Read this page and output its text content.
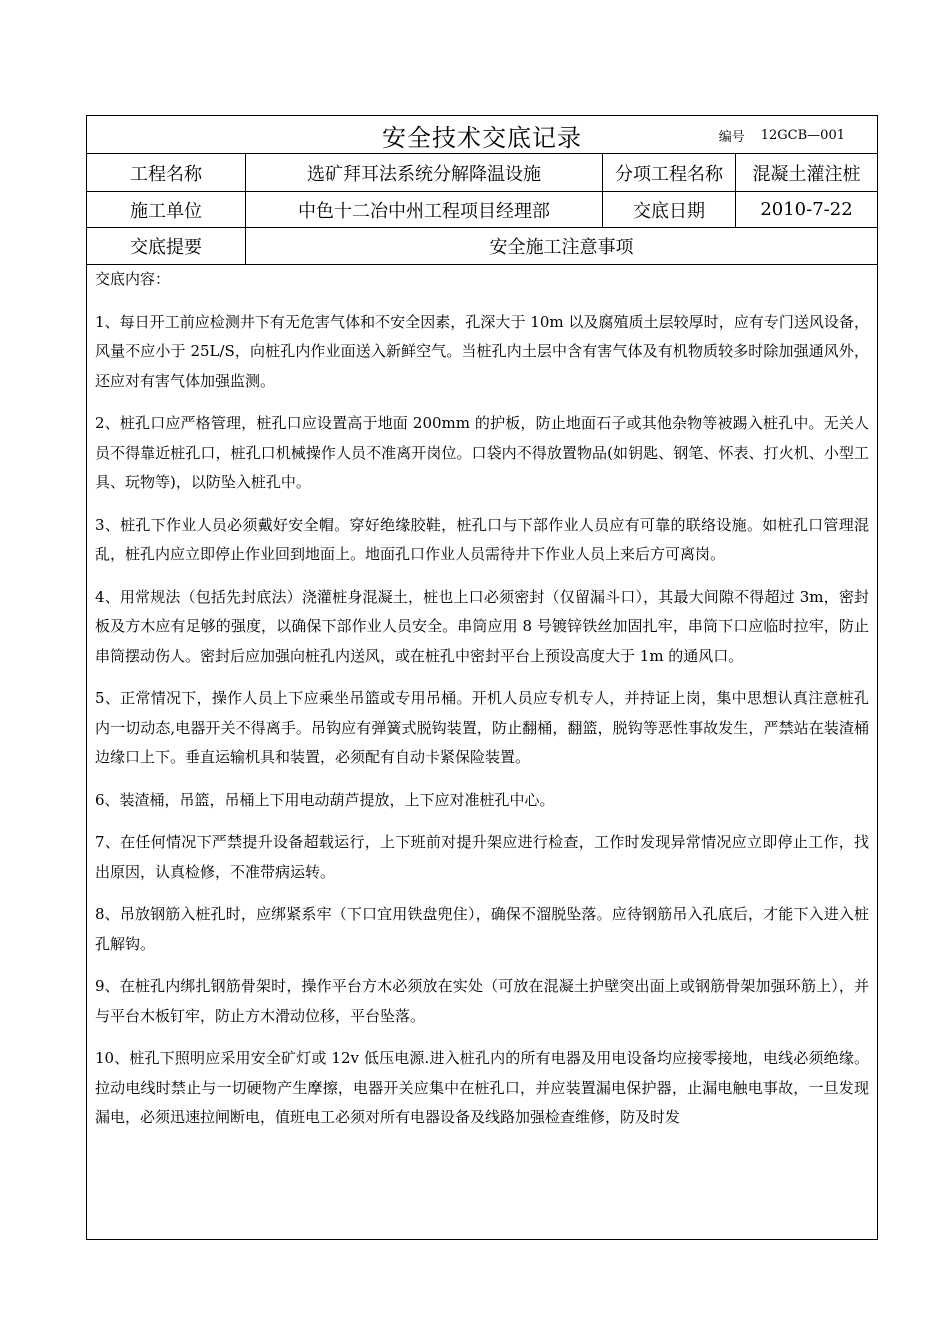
安全技术交底记录	编号 12GCB—001
工程名称	选矿拜耳法系统分解降温设施	分项工程名称	混凝土灌注桩
施工单位	中色十二冶中州工程项目经理部	交底日期	2010-7-22
交底提要	安全施工注意事项
交底内容：

1、每日开工前应检测井下有无危害气体和不安全因素，孔深大于 10m 以及腐殖质土层较厚时，应有专门送风设备，风量不应小于 25L/S，向桩孔内作业面送入新鲜空气。当桩孔内土层中含有害气体及有机物质较多时除加强通风外，还应对有害气体加强监测。

2、桩孔口应严格管理，桩孔口应设置高于地面 200mm 的护板，防止地面石子或其他杂物等被踢入桩孔中。无关人员不得靠近桩孔口，桩孔口机械操作人员不准离开岗位。口袋内不得放置物品(如钥匙、钢笔、怀表、打火机、小型工具、玩物等)，以防坠入桩孔中。

3、桩孔下作业人员必须戴好安全帽。穿好绝缘胶鞋，桩孔口与下部作业人员应有可靠的联络设施。如桩孔口管理混乱，桩孔内应立即停止作业回到地面上。地面孔口作业人员需待井下作业人员上来后方可离岗。

4、用常规法（包括先封底法）浇灌桩身混凝土，桩也上口必须密封（仅留漏斗口），其最大间隙不得超过 3m，密封板及方木应有足够的强度，以确保下部作业人员安全。串筒应用 8 号镀锌铁丝加固扎牢，串筒下口应临时拉牢，防止串筒摆动伤人。密封后应加强向桩孔内送风，或在桩孔中密封平台上预设高度大于 1m 的通风口。

5、正常情况下，操作人员上下应乘坐吊篮或专用吊桶。开机人员应专机专人，并持证上岗，集中思想认真注意桩孔内一切动态,电器开关不得离手。吊钩应有弹簧式脱钩装置，防止翻桶，翻篮，脱钩等恶性事故发生，严禁站在装渣桶边缘口上下。垂直运输机具和装置，必须配有自动卡紧保险装置。

6、装渣桶，吊篮，吊桶上下用电动葫芦提放，上下应对准桩孔中心。

7、在任何情况下严禁提升设备超载运行，上下班前对提升架应进行检查，工作时发现异常情况应立即停止工作，找出原因，认真检修，不准带病运转。

8、吊放钢筋入桩孔时，应绑紧系牢（下口宜用铁盘兜住），确保不溜脱坠落。应待钢筋吊入孔底后，才能下入进入桩孔解钩。

9、在桩孔内绑扎钢筋骨架时，操作平台方木必须放在实处（可放在混凝土护壁突出面上或钢筋骨架加强环筋上），并与平台木板钉牢，防止方木滑动位移，平台坠落。

10、桩孔下照明应采用安全矿灯或 12v 低压电源.进入桩孔内的所有电器及用电设备均应接零接地，电线必须绝缘。拉动电线时禁止与一切硬物产生摩擦，电器开关应集中在桩孔口，并应装置漏电保护器，止漏电触电事故，一旦发现漏电，必须迅速拉闸断电，值班电工必须对所有电器设备及线路加强检查维修，防及时发
